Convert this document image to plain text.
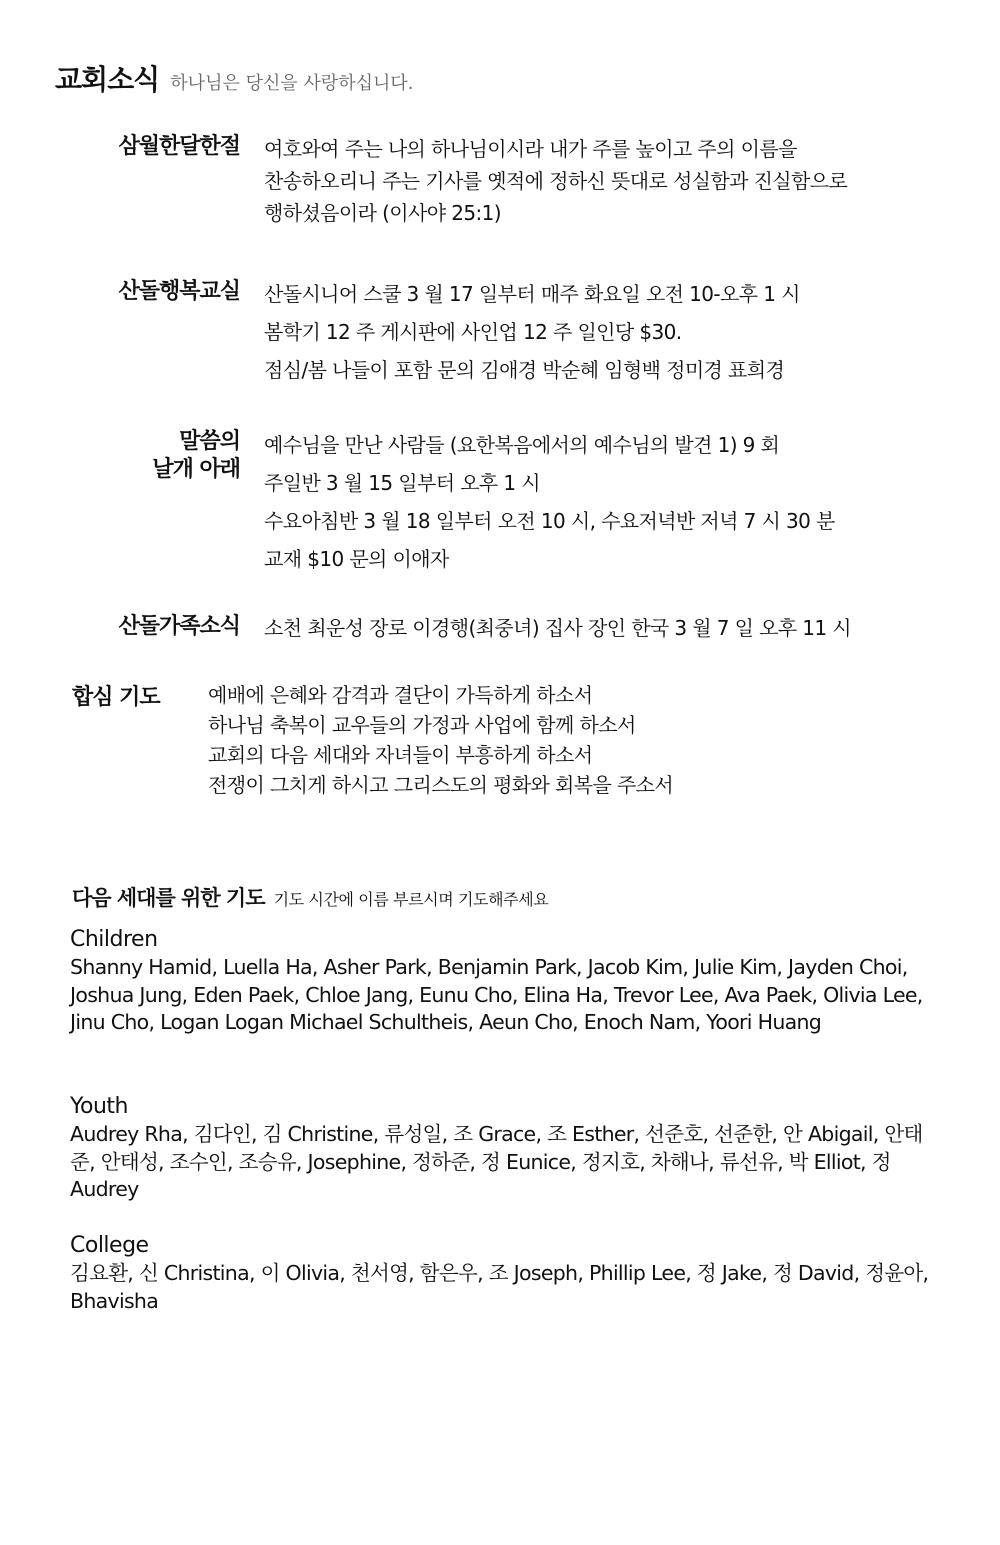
교회소식 하나님은 당신을 사랑하십니다.
삼월한달한절 여호와여 주는 나의 하나님이시라 내가 주를 높이고 주의 이름을
찬송하오리니 주는 기사를 옛적에 정하신 뜻대로 성실함과 진실함으로
행하셨음이라 (이사야 25:1)
산돌행복교실 산돌시니어 스쿨 3 월 17 일부터 매주 화요일 오전 10-오후 1 시
봄학기 12 주 게시판에 사인업 12 주 일인당 $30.
점심/봄 나들이 포함 문의 김애경 박순혜 임형백 정미경 표희경
말씀의
날개 아래
예수님을 만난 사람들 (요한복음에서의 예수님의 발견 1) 9 회
주일반 3 월 15 일부터 오후 1 시
수요아침반 3 월 18 일부터 오전 10 시, 수요저녁반 저녁 7 시 30 분
교재 $10 문의 이애자
산돌가족소식 소천 최운성 장로 이경행(최중녀) 집사 장인 한국 3 월 7 일 오후 11 시
합심 기도 예배에 은혜와 감격과 결단이 가득하게 하소서
하나님 축복이 교우들의 가정과 사업에 함께 하소서
교회의 다음 세대와 자녀들이 부흥하게 하소서
전쟁이 그치게 하시고 그리스도의 평화와 회복을 주소서
다음 세대를 위한 기도 기도 시간에 이름 부르시며 기도해주세요
Children
Shanny Hamid, Luella Ha, Asher Park, Benjamin Park, Jacob Kim, Julie Kim, Jayden Choi, Joshua Jung, Eden Paek, Chloe Jang, Eunu Cho, Elina Ha, Trevor Lee, Ava Paek, Olivia Lee, Jinu Cho, Logan Logan Michael Schultheis, Aeun Cho, Enoch Nam, Yoori Huang
Youth
Audrey Rha, 김다인, 김 Christine, 류성일, 조 Grace, 조 Esther, 선준호, 선준한, 안 Abigail, 안태준, 안태성, 조수인, 조승유, Josephine, 정하준, 정 Eunice, 정지호, 차해나, 류선유, 박 Elliot, 정 Audrey
College
김요환, 신 Christina, 이 Olivia, 천서영, 함은우, 조 Joseph, Phillip Lee, 정 Jake, 정 David, 정윤아, Bhavisha
